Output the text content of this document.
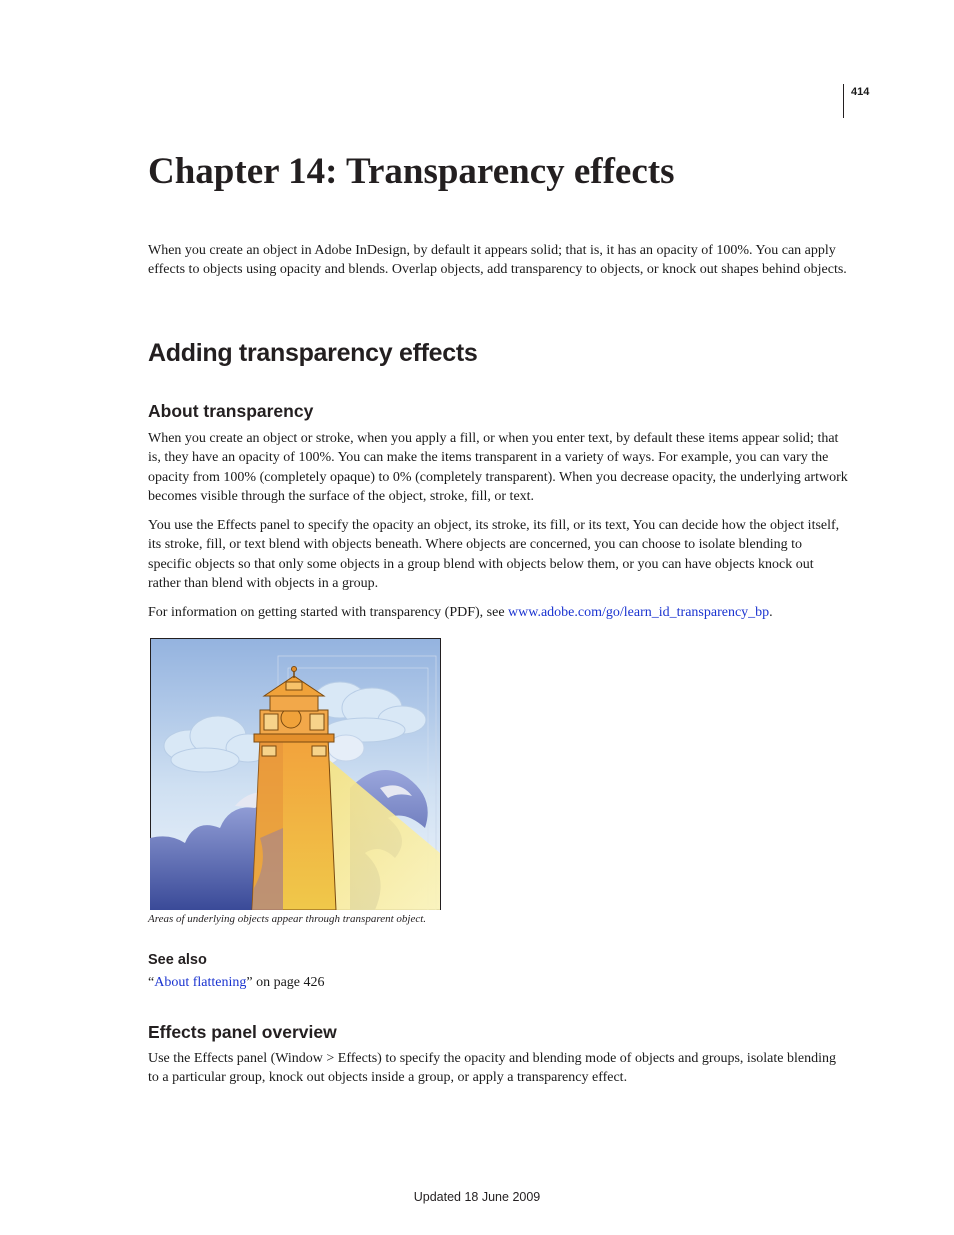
414
Chapter 14: Transparency effects

When you create an object in Adobe InDesign, by default it appears solid; that is, it has an opacity of 100%. You can apply effects to objects using opacity and blends. Overlap objects, add transparency to objects, or knock out shapes behind objects.

Adding transparency effects
About transparency

When you create an object or stroke, when you apply a fill, or when you enter text, by default these items appear solid; that is, they have an opacity of 100%. You can make the items transparent in a variety of ways. For example, you can vary the opacity from 100% (completely opaque) to 0% (completely transparent). When you decrease opacity, the underlying artwork becomes visible through the surface of the object, stroke, fill, or text.

You use the Effects panel to specify the opacity an object, its stroke, its fill, or its text, You can decide how the object itself, its stroke, fill, or text blend with objects beneath. Where objects are concerned, you can choose to isolate blending to specific objects so that only some objects in a group blend with objects below them, or you can have objects knock out rather than blend with objects in a group.

For information on getting started with transparency (PDF), see www.adobe.com/go/learn_id_transparency_bp.

Areas of underlying objects appear through transparent object.

See also

“About flattening” on page 426

Effects panel overview

Use the Effects panel (Window > Effects) to specify the opacity and blending mode of objects and groups, isolate blending to a particular group, knock out objects inside a group, or apply a transparency effect.

Updated 18 June 2009
